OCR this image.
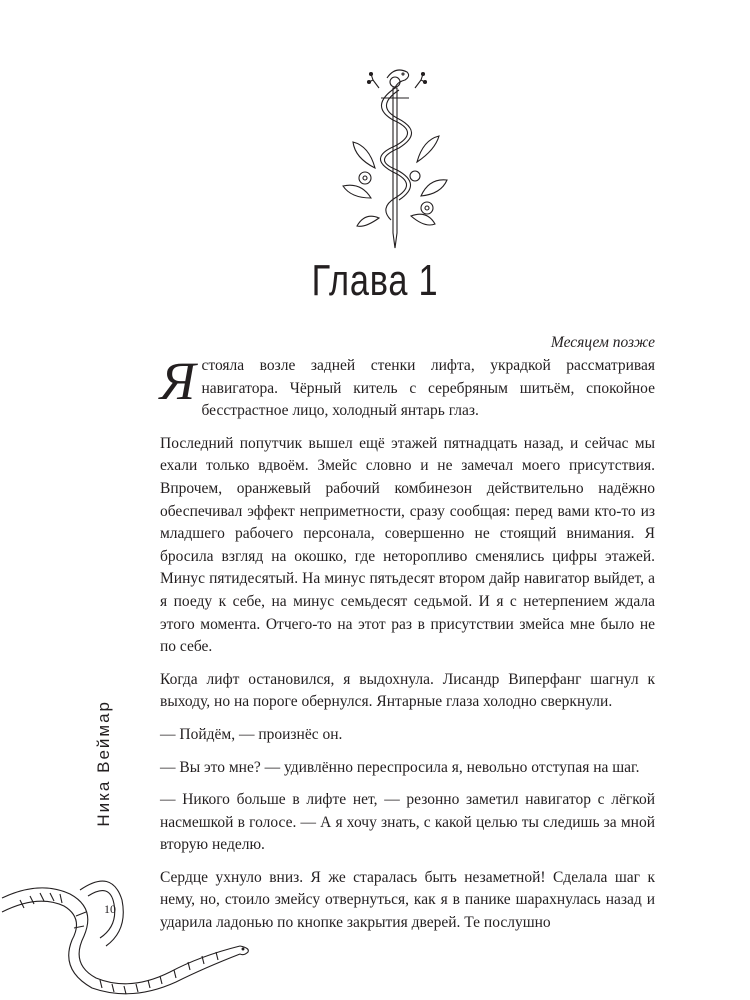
Глава 1
Месяцем позже

Ястояла возле задней стенки лифта, украдкой рассматривая навигатора. Чёрный китель с серебряным шитьём, спокойное бесстрастное лицо, холодный янтарь глаз.

Последний попутчик вышел ещё этажей пятнадцать назад, и сейчас мы ехали только вдвоём. Змейс словно и не замечал моего присутствия. Впрочем, оранжевый рабочий комбинезон действительно надёжно обеспечивал эффект неприметности, сразу сообщая: перед вами кто-то из младшего рабочего персонала, совершенно не стоящий внимания. Я бросила взгляд на окошко, где неторопливо сменялись цифры этажей. Минус пятидесятый. На минус пятьдесят втором дайр навигатор выйдет, а я поеду к себе, на минус семьдесят седьмой. И я с нетерпением ждала этого момента. Отчего-то на этот раз в присутствии змейса мне было не по себе.

Когда лифт остановился, я выдохнула. Лисандр Виперфанг шагнул к выходу, но на пороге обернулся. Янтарные глаза холодно сверкнули.

— Пойдём, — произнёс он.

— Вы это мне? — удивлённо переспросила я, невольно отступая на шаг.

— Никого больше в лифте нет, — резонно заметил навигатор с лёгкой насмешкой в голосе. — А я хочу знать, с какой целью ты следишь за мной вторую неделю.

Сердце ухнуло вниз. Я же старалась быть незаметной! Сделала шаг к нему, но, стоило змейсу отвернуться, как я в панике шарахнулась назад и ударила ладонью по кнопке закрытия дверей. Те послушно

Ника Веймар
10
